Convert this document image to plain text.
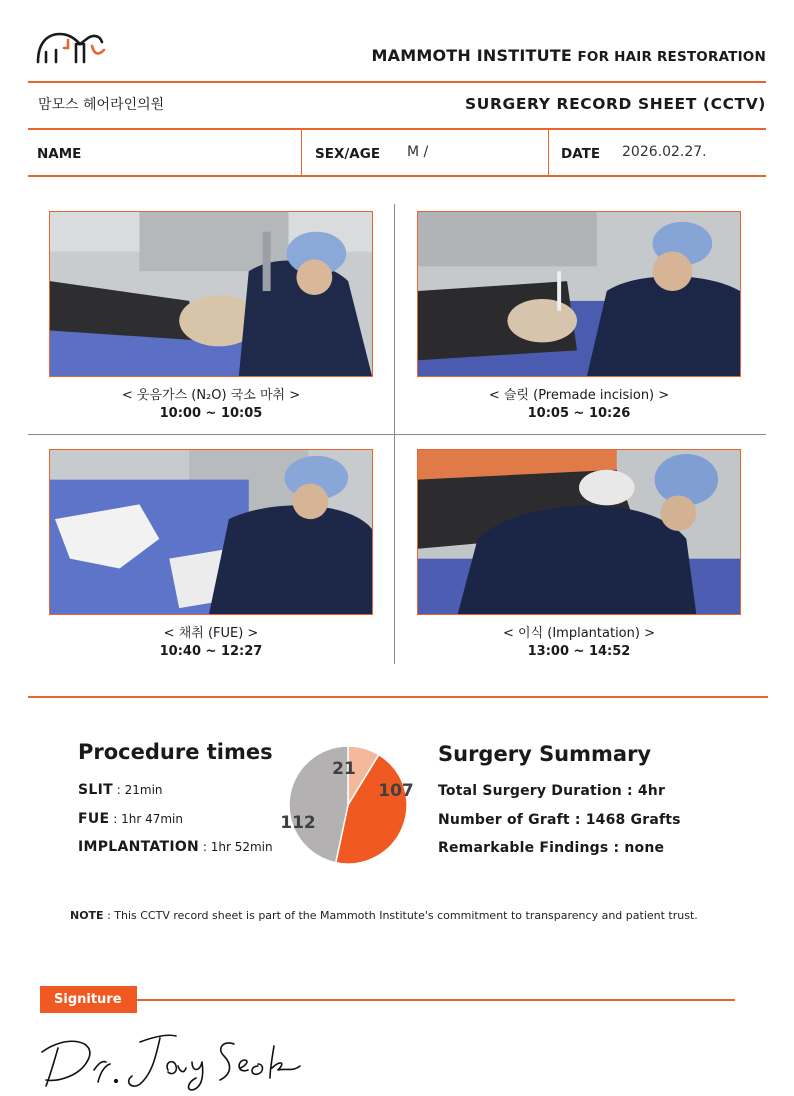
MAMMOTH INSTITUTE FOR HAIR RESTORATION
맘모스 헤어라인의원	SURGERY RECORD SHEET (CCTV)
NAME	SEX/AGE M /	DATE 2026.02.27.
< 웃음가스 (N₂O) 국소 마취 >
10:00 ~ 10:05
< 슬릿 (Premade incision) >
10:05 ~ 10:26
< 채취 (FUE) >
10:40 ~ 12:27
< 이식 (Implantation) >
13:00 ~ 14:52
Procedure times
SLIT : 21min
FUE : 1hr 47min
IMPLANTATION : 1hr 52min
21
107
112
Surgery Summary
Total Surgery Duration : 4hr
Number of Graft : 1468 Grafts
Remarkable Findings : none
NOTE : This CCTV record sheet is part of the Mammoth Institute's commitment to transparency and patient trust.
Signiture
